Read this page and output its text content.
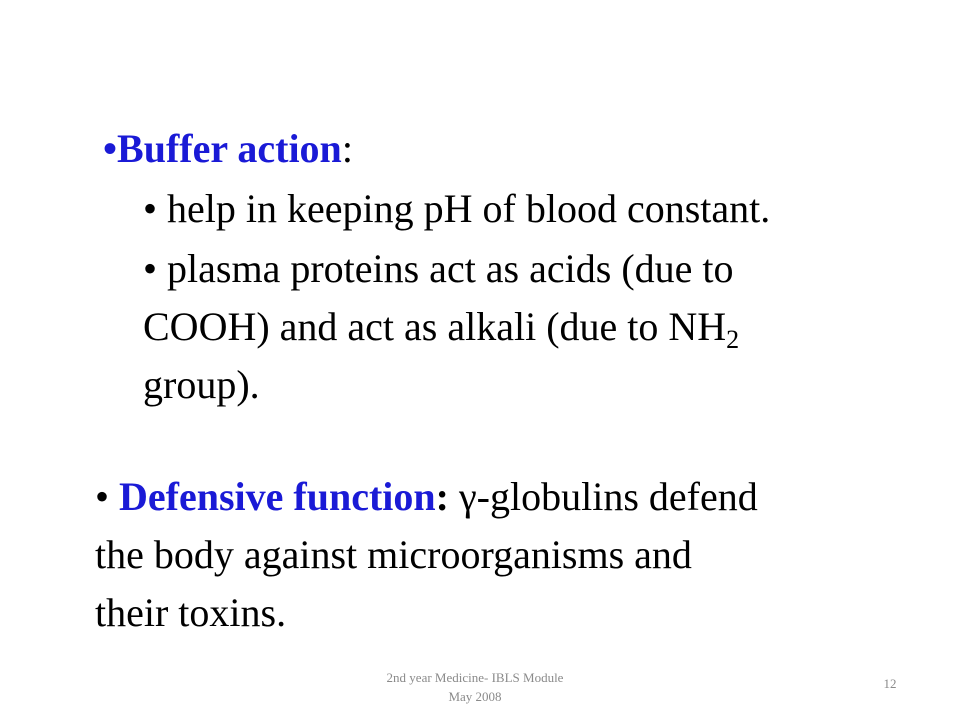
•Buffer action:
• help in keeping pH of blood constant.
• plasma proteins act as acids (due to
COOH) and act as alkali (due to $NH_2$
group).
• Defensive function: γ-globulins defend
the body against microorganisms and
their toxins.
2nd year Medicine- IBLS Module
May 2008
12
